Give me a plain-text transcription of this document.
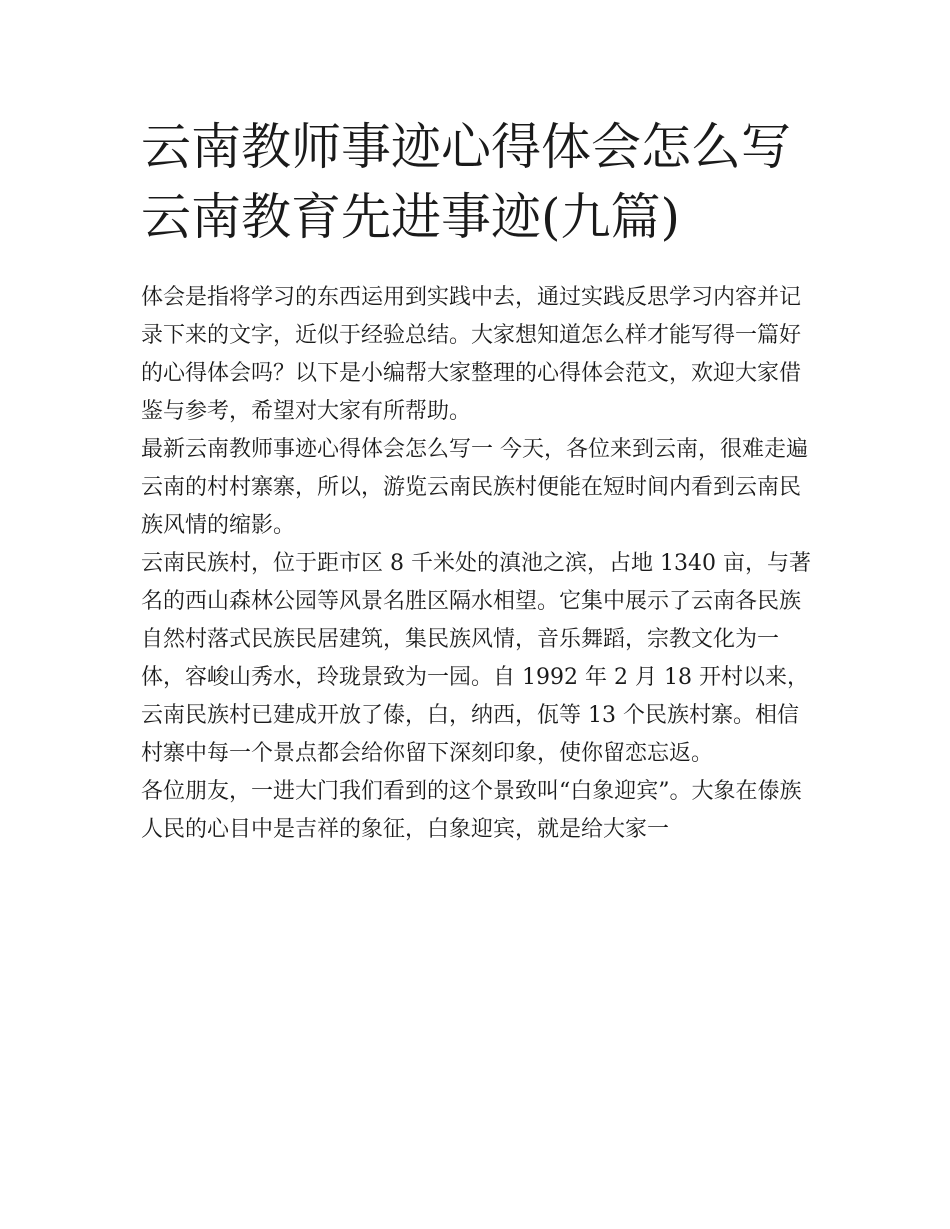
云南教师事迹心得体会怎么写云南教育先进事迹(九篇)

体会是指将学习的东西运用到实践中去，通过实践反思学习内容并记录下来的文字，近似于经验总结。大家想知道怎么样才能写得一篇好的心得体会吗？以下是小编帮大家整理的心得体会范文，欢迎大家借鉴与参考，希望对大家有所帮助。

最新云南教师事迹心得体会怎么写一 今天，各位来到云南，很难走遍云南的村村寨寨，所以，游览云南民族村便能在短时间内看到云南民族风情的缩影。

云南民族村，位于距市区 8 千米处的滇池之滨，占地 1340 亩，与著名的西山森林公园等风景名胜区隔水相望。它集中展示了云南各民族自然村落式民族民居建筑，集民族风情，音乐舞蹈，宗教文化为一体，容峻山秀水，玲珑景致为一园。自 1992 年 2 月 18 开村以来，云南民族村已建成开放了傣，白，纳西，佤等 13 个民族村寨。相信村寨中每一个景点都会给你留下深刻印象，使你留恋忘返。

各位朋友，一进大门我们看到的这个景致叫“白象迎宾”。大象在傣族人民的心目中是吉祥的象征，白象迎宾，就是给大家一
